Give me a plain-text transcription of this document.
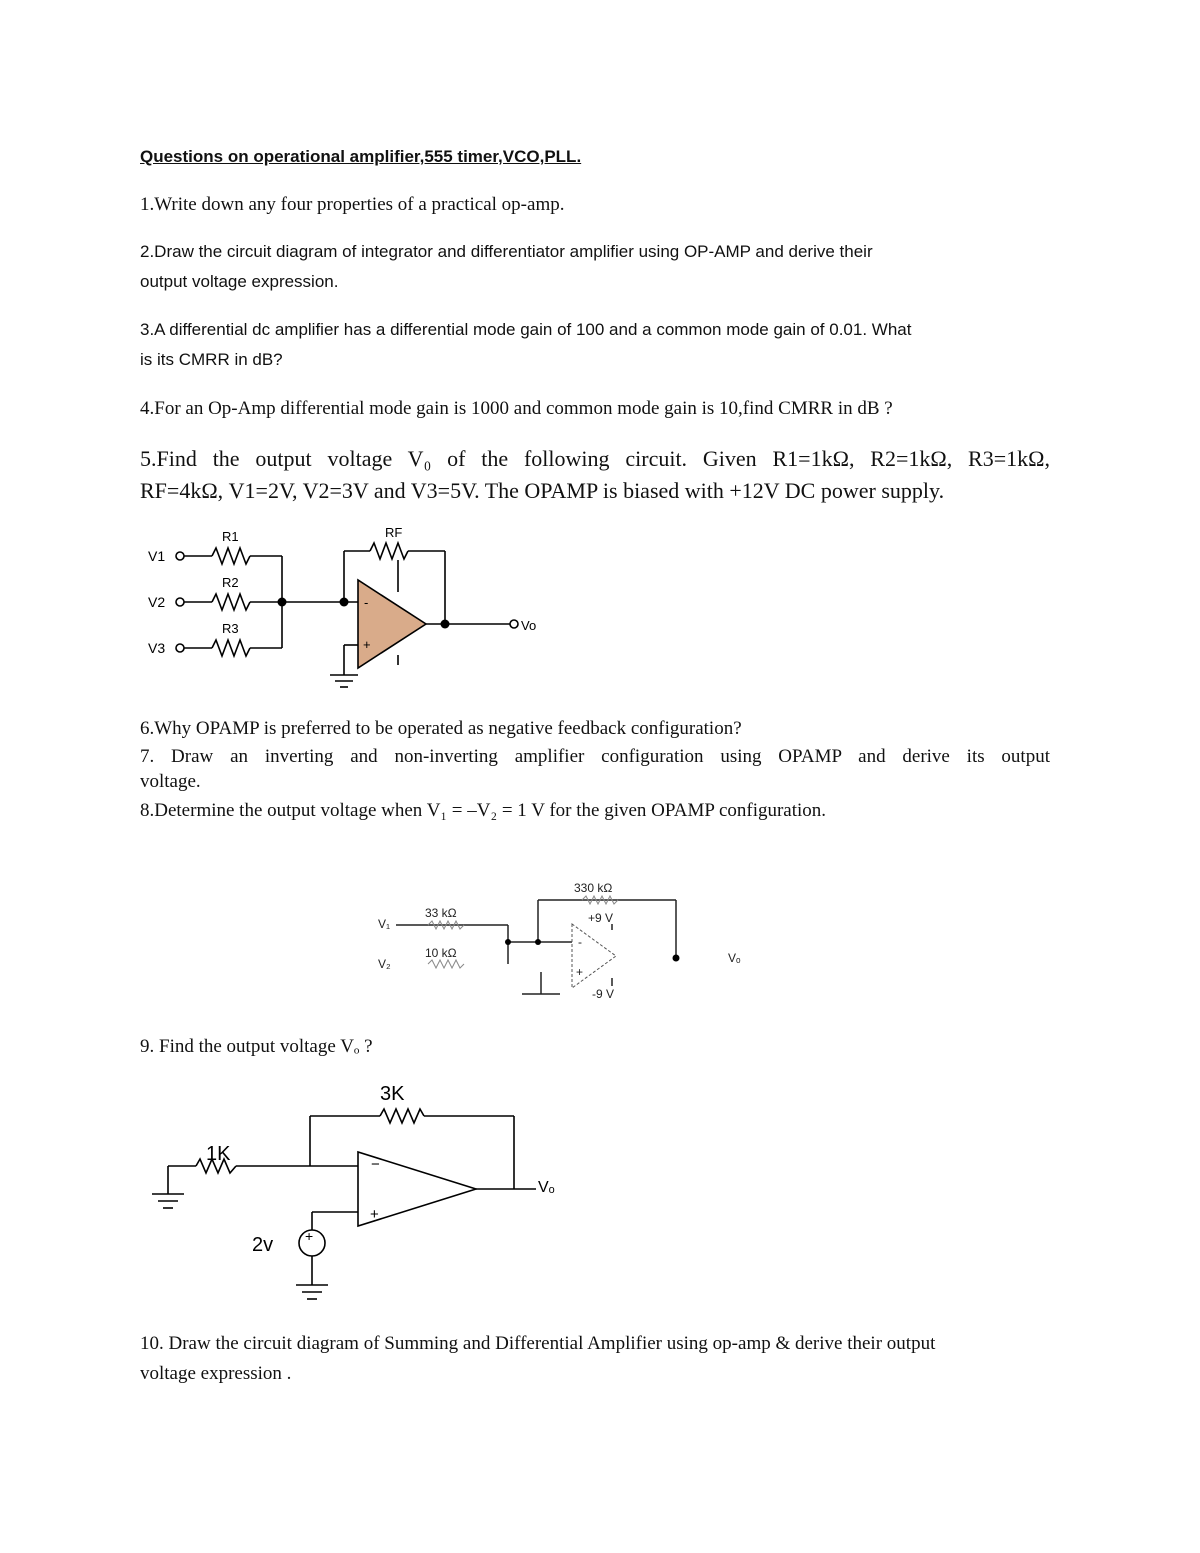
Questions on operational amplifier,555 timer,VCO,PLL.
1.Write down any four properties of a practical op-amp.
2.Draw the circuit diagram of integrator and differentiator amplifier using OP-AMP and derive their
output voltage expression.
3.A differential dc amplifier has a differential mode gain of 100 and a common mode gain of 0.01. What
is its CMRR in dB?
4.For an Op-Amp differential mode gain is 1000 and common mode gain is 10,find CMRR in dB ?
5.Find the output voltage V₀ of the following circuit. Given R1=1kΩ, R2=1kΩ, R3=1kΩ,
RF=4kΩ, V1=2V, V2=3V and V3=5V. The OPAMP is biased with +12V DC power supply.
6.Why OPAMP is preferred to be operated as negative feedback configuration?
7. Draw an inverting and non-inverting amplifier configuration using OPAMP and derive its output
voltage.
8.Determine the output voltage when V₁ = –V₂ = 1 V for the given OPAMP configuration.
9. Find the output voltage Vₒ ?
10. Draw the circuit diagram of Summing and Differential Amplifier using op-amp & derive their output
voltage expression .
V1
V2
V3
R1
R2
R3
RF
-
+
Vo
330 kΩ
33 kΩ
10 kΩ
+9 V
-9 V
V₁
V₂	Vₒ
-
+
3K
1K
2v
−
+
+
Vₒ
